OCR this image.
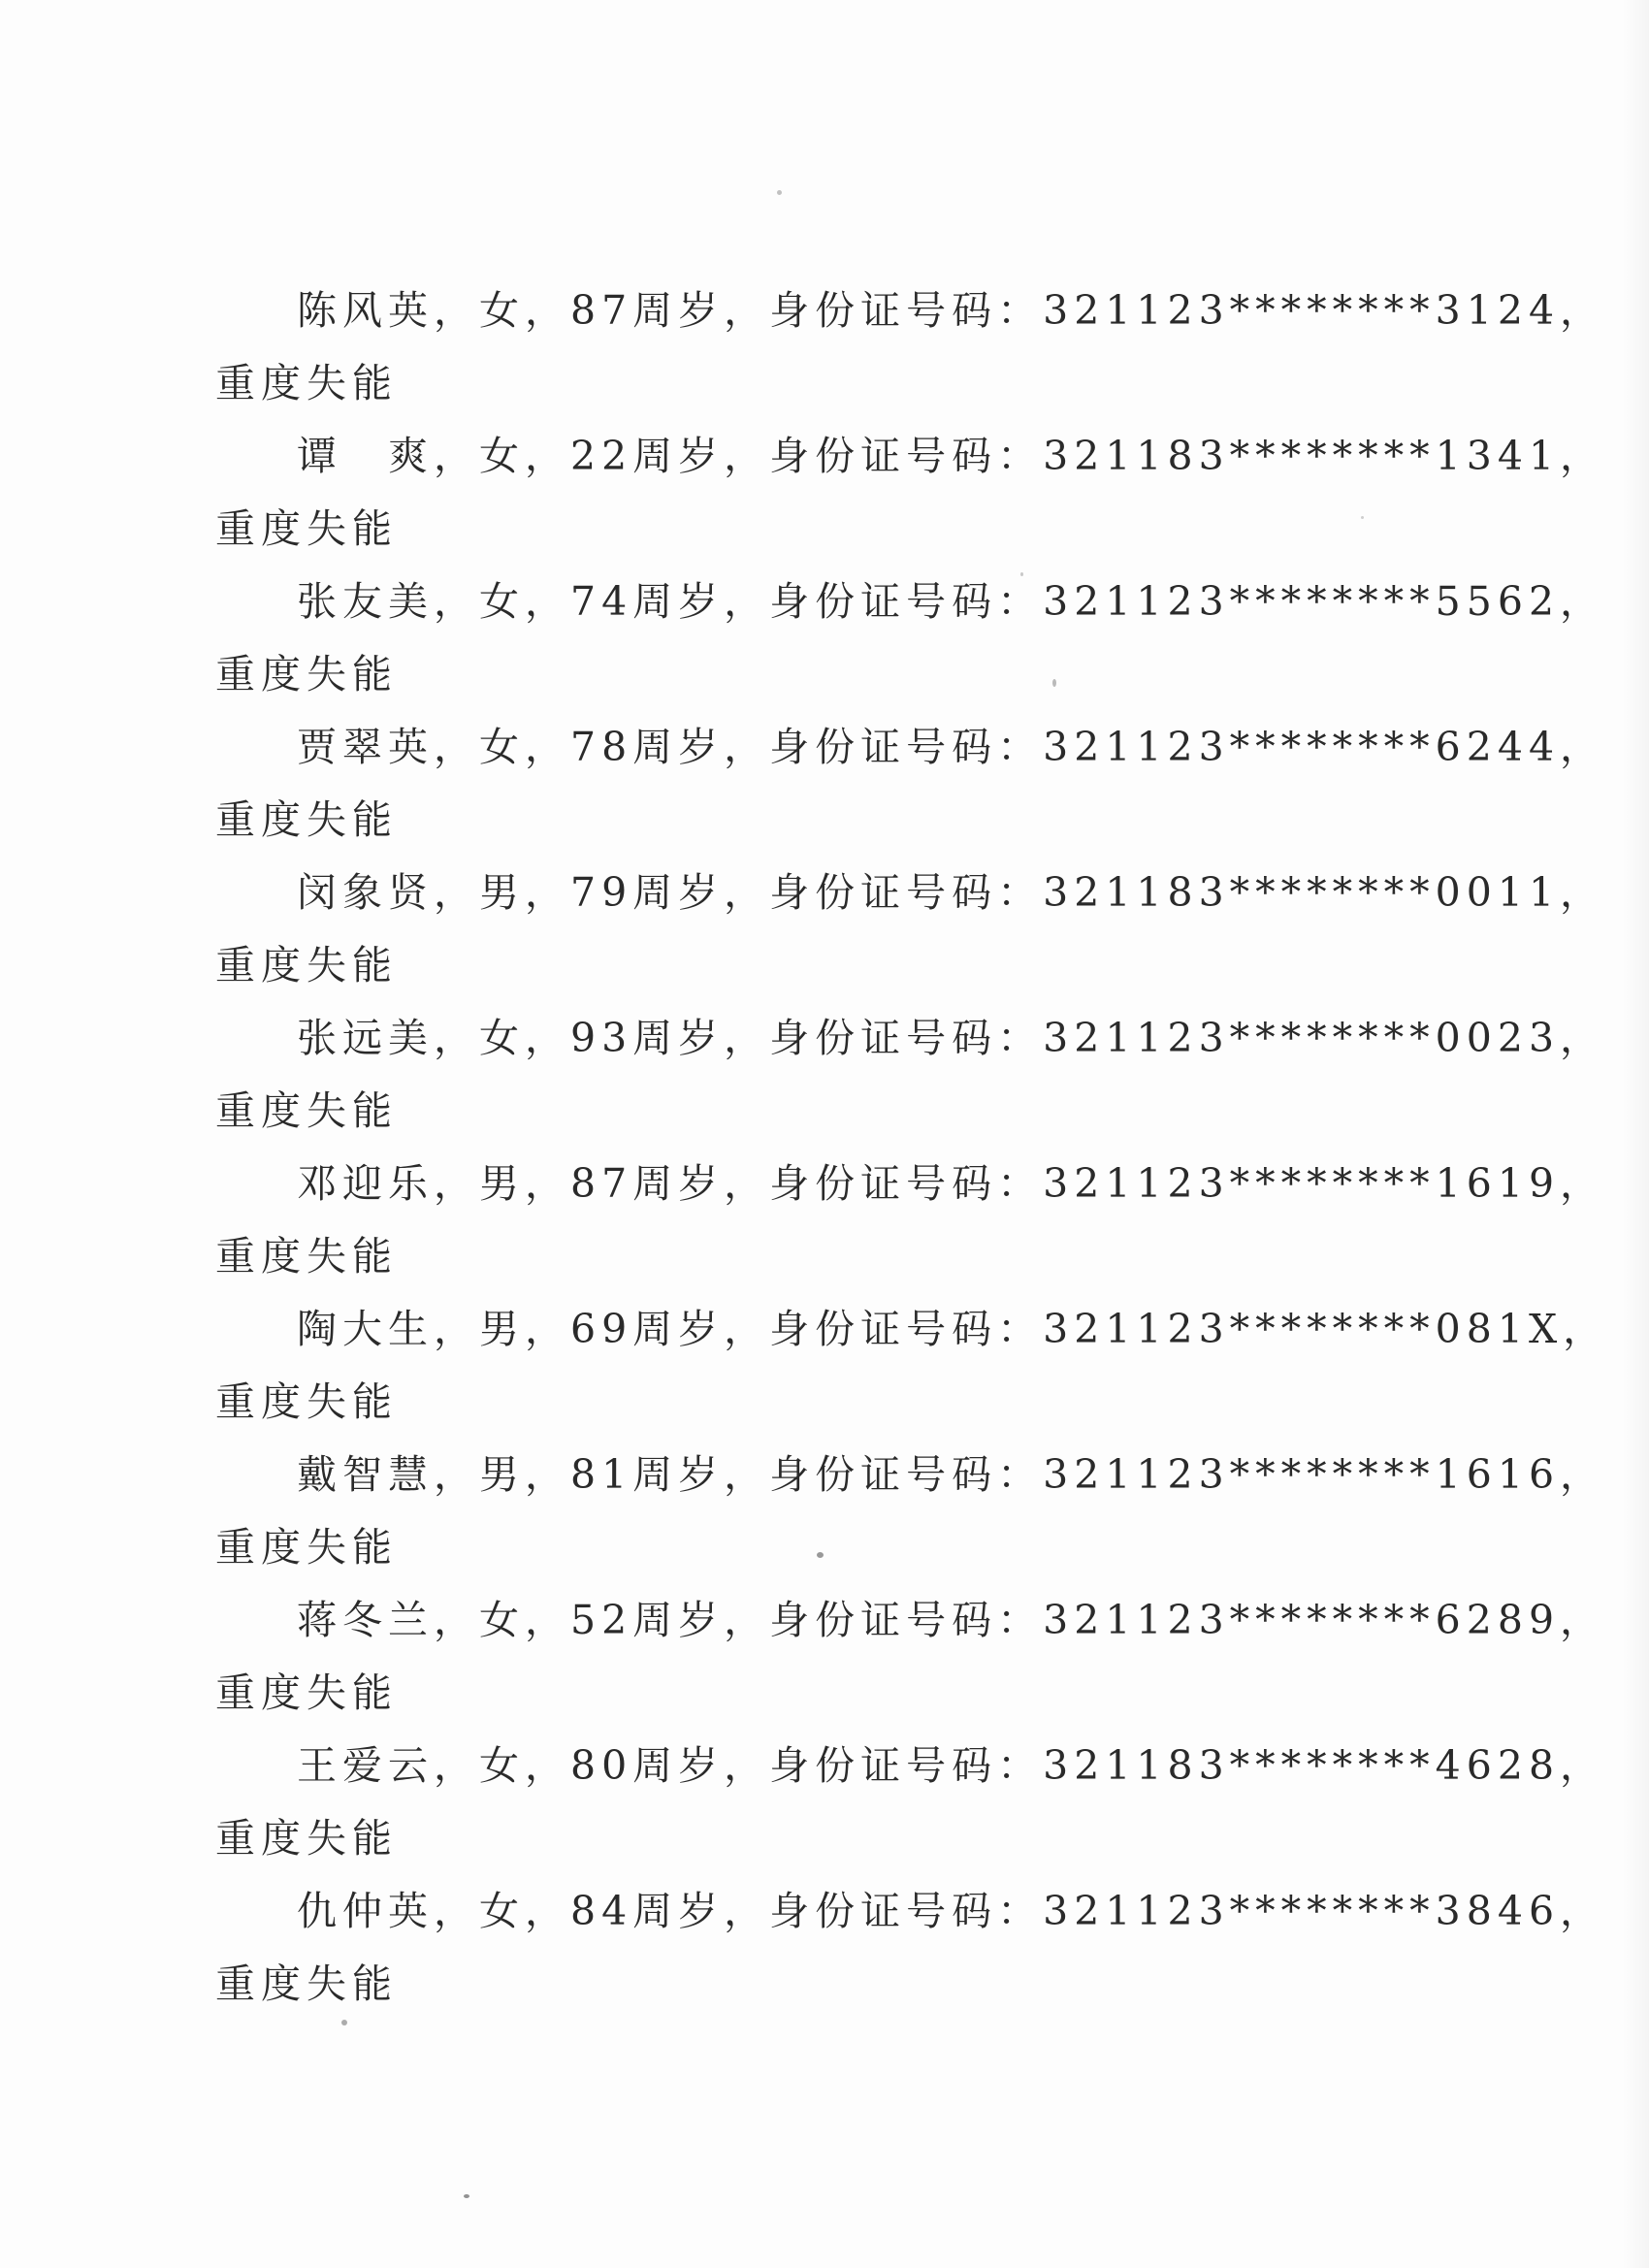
陈风英，女，87周岁，身份证号码：321123********3124，
重度失能
谭　爽，女，22周岁，身份证号码：321183********1341，
重度失能
张友美，女，74周岁，身份证号码：321123********5562，
重度失能
贾翠英，女，78周岁，身份证号码：321123********6244，
重度失能
闵象贤，男，79周岁，身份证号码：321183********0011，
重度失能
张远美，女，93周岁，身份证号码：321123********0023，
重度失能
邓迎乐，男，87周岁，身份证号码：321123********1619，
重度失能
陶大生，男，69周岁，身份证号码：321123********081X，
重度失能
戴智慧，男，81周岁，身份证号码：321123********1616，
重度失能
蒋冬兰，女，52周岁，身份证号码：321123********6289，
重度失能
王爱云，女，80周岁，身份证号码：321183********4628，
重度失能
仇仲英，女，84周岁，身份证号码：321123********3846，
重度失能
